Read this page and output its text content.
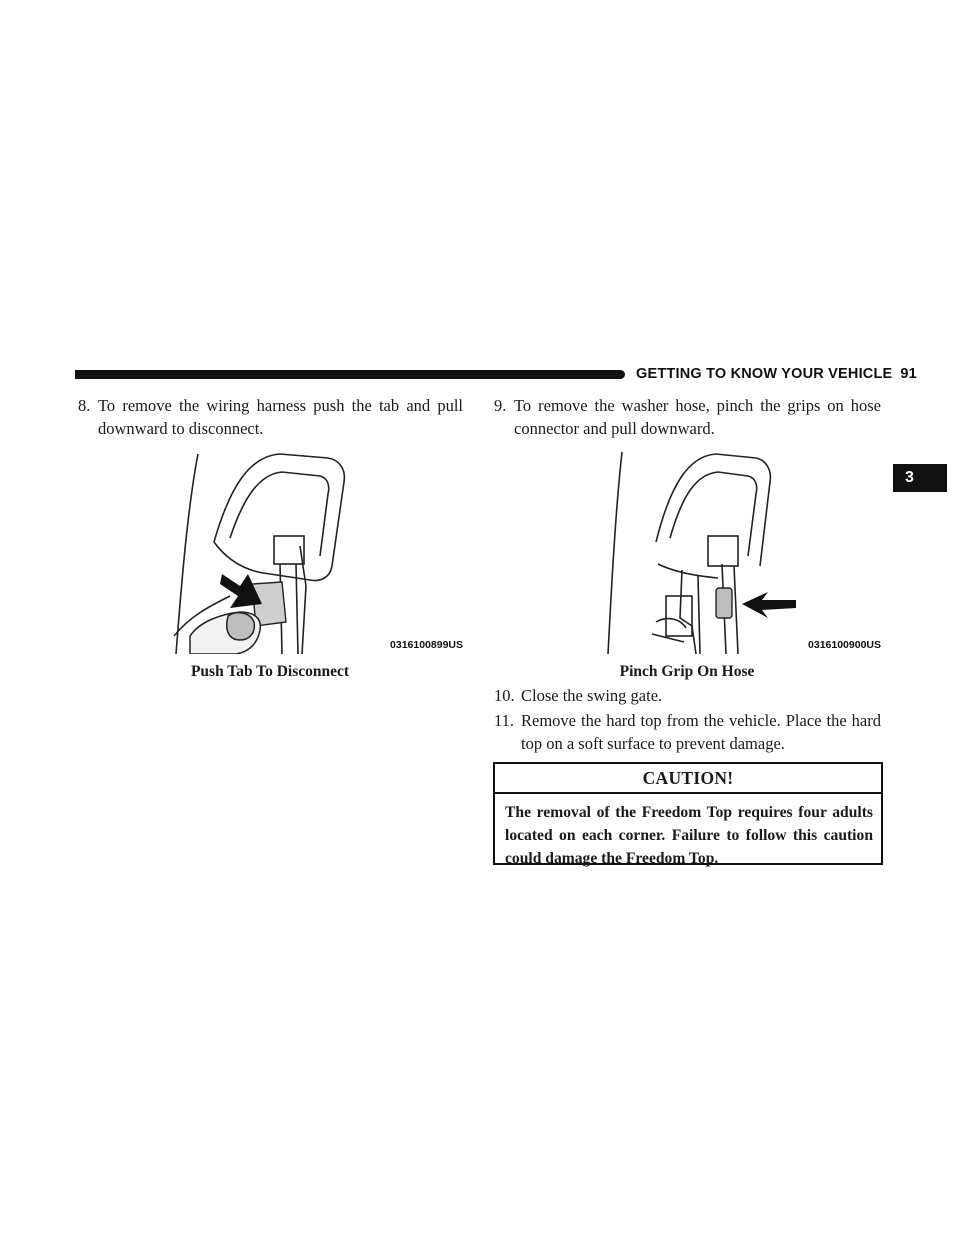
GETTING TO KNOW YOUR VEHICLE 91
3
8. To remove the wiring harness push the tab and pull downward to disconnect.
9. To remove the washer hose, pinch the grips on hose connector and pull downward.
0316100899US
Push Tab To Disconnect
0316100900US
Pinch Grip On Hose
10. Close the swing gate.
11. Remove the hard top from the vehicle. Place the hard top on a soft surface to prevent damage.
CAUTION!
The removal of the Freedom Top requires four adults located on each corner. Failure to follow this caution could damage the Freedom Top.
